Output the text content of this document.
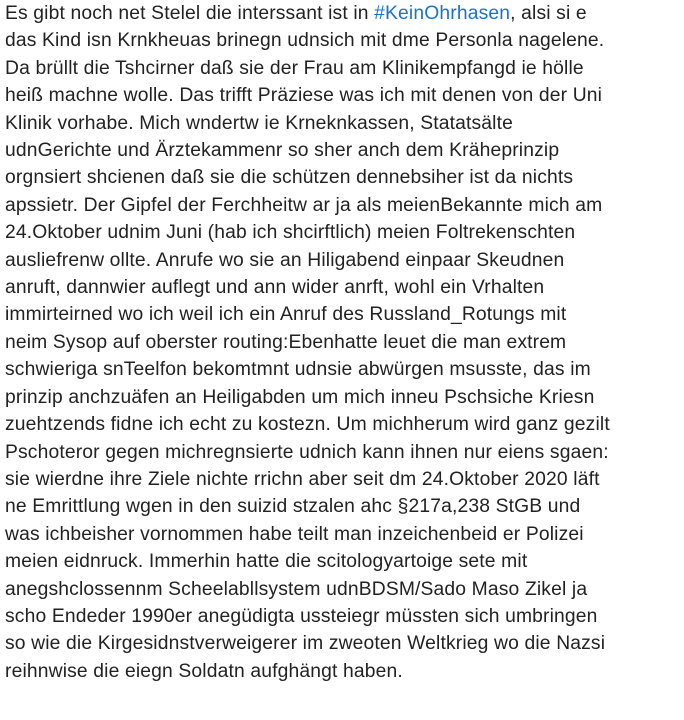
Es gibt noch net Stelel die interssant ist in #KeinOhrhasen, alsi si e
das Kind isn Krnkheuas brinegn udnsich mit dme Personla nagelene.
Da brüllt die Tshcirner daß sie der Frau am Klinikempfangd ie hölle
heiß machne wolle. Das trifft Präziese was ich mit denen von der Uni
Klinik vorhabe. Mich wndertw ie Krneknkassen, Statatsälte
udnGerichte und Ärztekammenr so sher anch dem Kräheprinzip
orgnsiert shcienen daß sie die schützen dennebsiher ist da nichts
apssietr. Der Gipfel der Ferchheitw ar ja als meienBekannte mich am
24.Oktober udnim Juni (hab ich shcirftlich) meien Foltrekenschten
ausliefrenw ollte. Anrufe wo sie an Hiligabend einpaar Skeudnen
anruft, dannwier auflegt und ann wider anrft, wohl ein Vrhalten
immirteirned wo ich weil ich ein Anruf des Russland_Rotungs mit
neim Sysop auf oberster routing:Ebenhatte leuet die man extrem
schwieriga snTeelfon bekomtmnt udnsie abwürgen msusste, das im
prinzip anchzuäfen an Heiligabden um mich inneu Pschsiche Kriesn
zuehtzends fidne ich echt zu kostezn. Um michherum wird ganz gezilt
Pschoteror gegen michregnsierte udnich kann ihnen nur eiens sgaen:
sie wierdne ihre Ziele nichte rrichn aber seit dm 24.Oktober 2020 läft
ne Emrittlung wgen in den suizid stzalen ahc §217a,238 StGB und
was ichbeisher vornommen habe teilt man inzeichenbeid er Polizei
meien eidnruck. Immerhin hatte die scitologyartoige sete mit
anegshclossennm Scheelabllsystem udnBDSM/Sado Maso Zikel ja
scho Endeder 1990er anegüdigta ussteiegr müssten sich umbringen
so wie die Kirgesidnstverweigerer im zweoten Weltkrieg wo die Nazsi
reihnwise die eiegn Soldatn aufghängt haben.
